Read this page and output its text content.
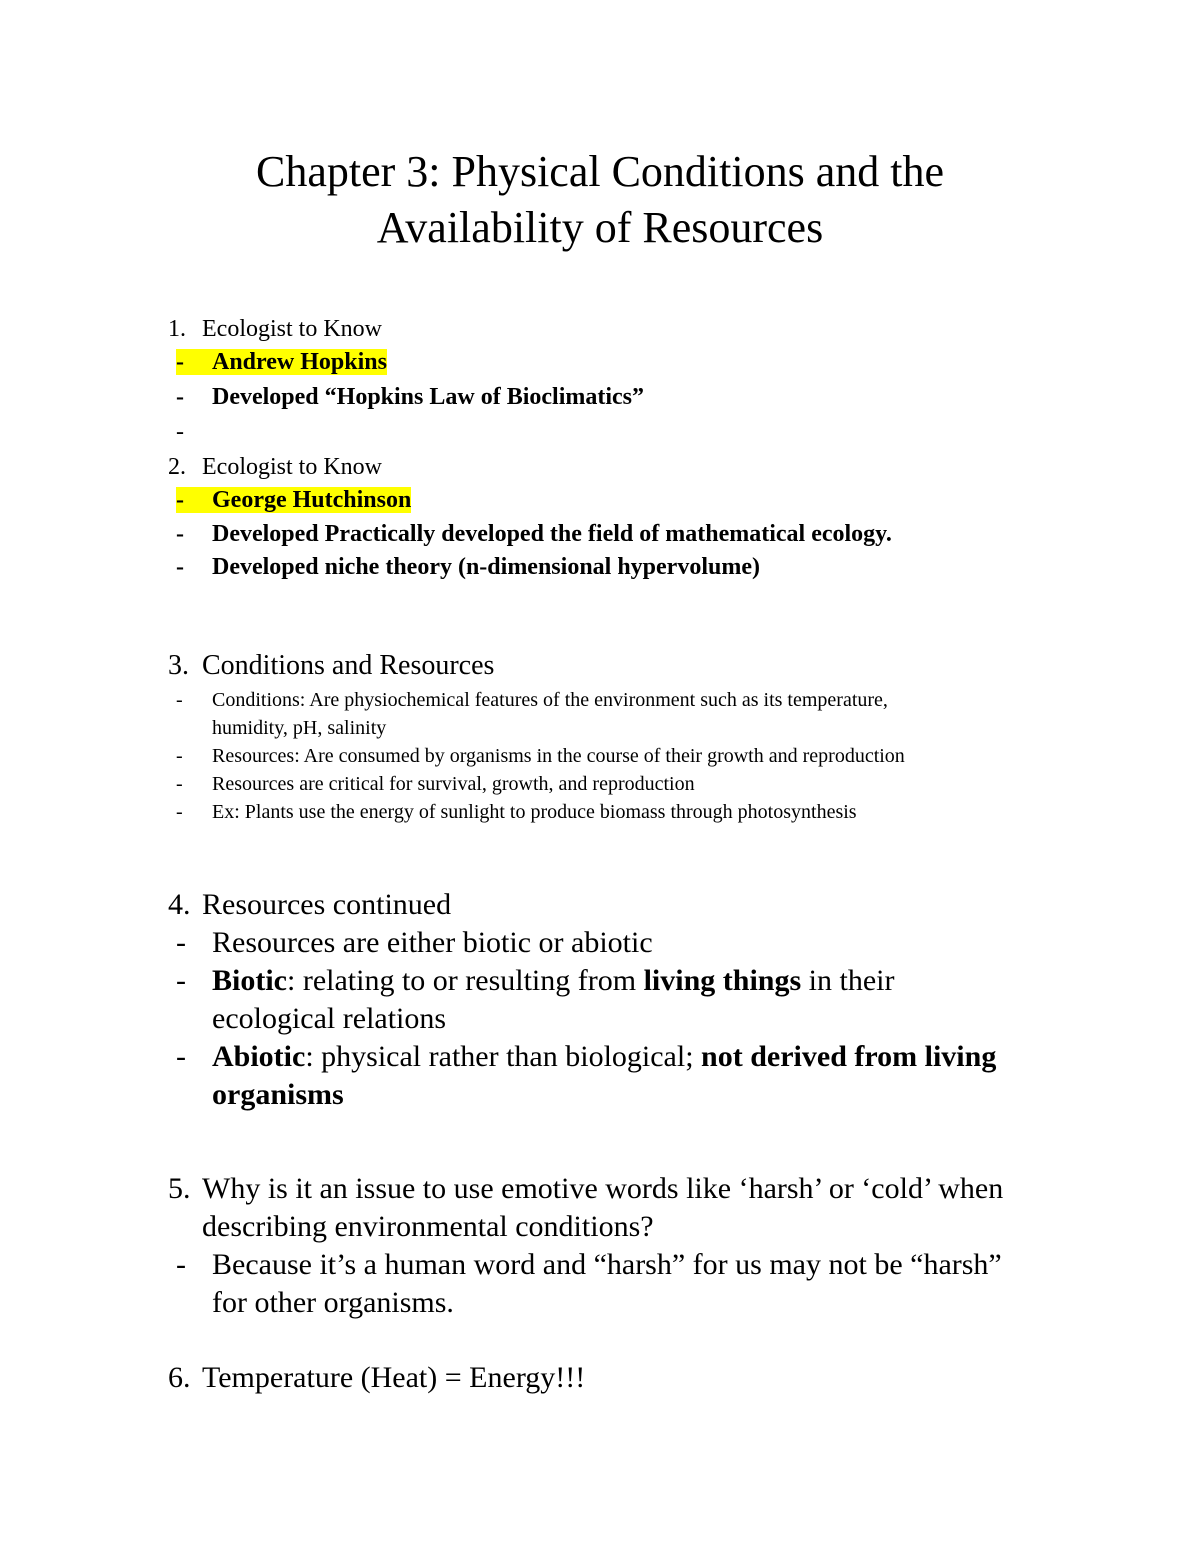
Chapter 3: Physical Conditions and the
Availability of Resources
1. Ecologist to Know
- Andrew Hopkins
- Developed “Hopkins Law of Bioclimatics”
-
2. Ecologist to Know
- George Hutchinson
- Developed Practically developed the field of mathematical ecology.
- Developed niche theory (n-dimensional hypervolume)
3. Conditions and Resources
- Conditions: Are physiochemical features of the environment such as its temperature,
humidity, pH, salinity
- Resources: Are consumed by organisms in the course of their growth and reproduction
- Resources are critical for survival, growth, and reproduction
- Ex: Plants use the energy of sunlight to produce biomass through photosynthesis
4. Resources continued
- Resources are either biotic or abiotic
- Biotic: relating to or resulting from living things in their
ecological relations
- Abiotic: physical rather than biological; not derived from living
organisms
5. Why is it an issue to use emotive words like ‘harsh’ or ‘cold’ when
describing environmental conditions?
- Because it’s a human word and “harsh” for us may not be “harsh”
for other organisms.
6. Temperature (Heat) = Energy!!!
